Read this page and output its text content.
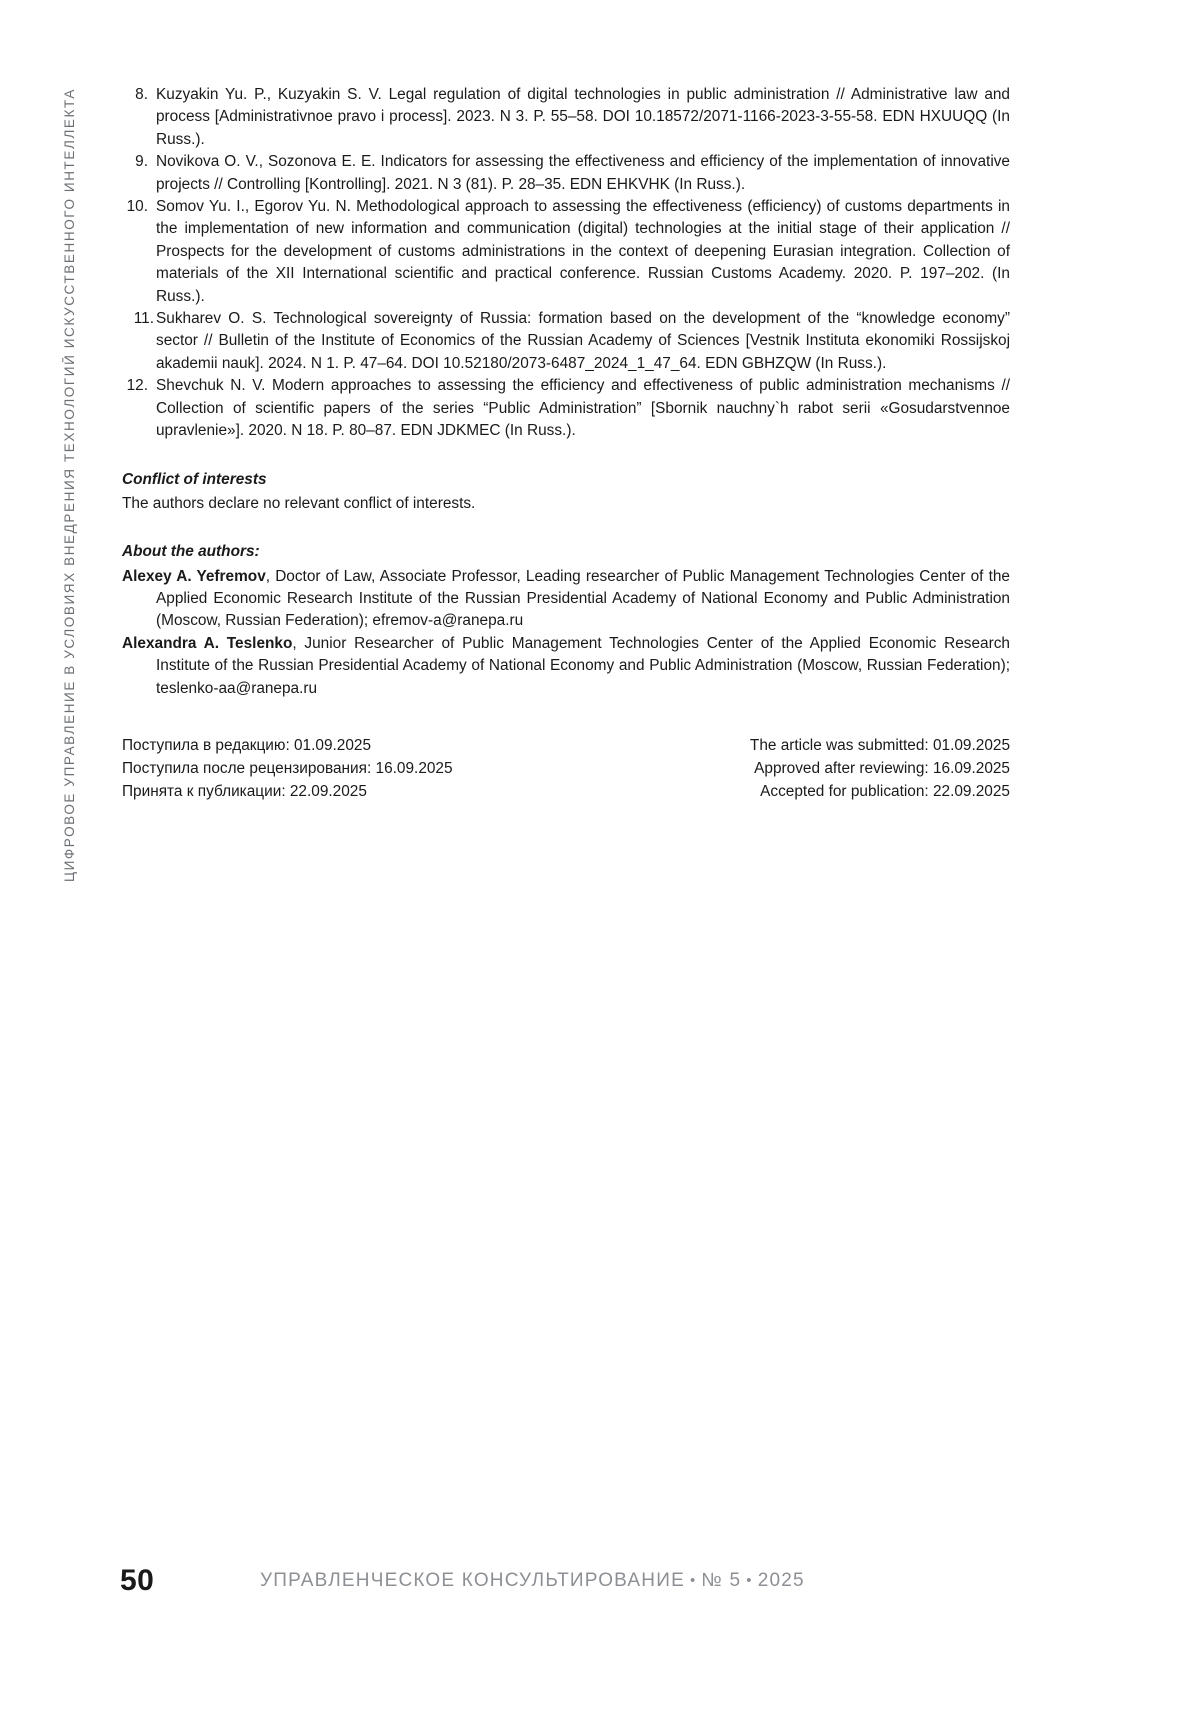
ЦИФРОВОЕ УПРАВЛЕНИЕ В УСЛОВИЯХ ВНЕДРЕНИЯ ТЕХНОЛОГИЙ ИСКУССТВЕННОГО ИНТЕЛЛЕКТА	8. Kuzyakin Yu. P., Kuzyakin S. V. Legal regulation of digital technologies in public administration // Administrative law and process [Administrativnoe pravo i process]. 2023. N 3. P. 55–58. DOI 10.18572/2071-1166-2023-3-55-58. EDN HXUUQQ (In Russ.).
9. Novikova O. V., Sozonova E. E. Indicators for assessing the effectiveness and efficiency of the implementation of innovative projects // Controlling [Kontrolling]. 2021. N 3 (81). P. 28–35. EDN EHKVHK (In Russ.).
10. Somov Yu. I., Egorov Yu. N. Methodological approach to assessing the effectiveness (efficiency) of customs departments in the implementation of new information and communication (digital) technologies at the initial stage of their application // Prospects for the development of customs administrations in the context of deepening Eurasian integration. Collection of materials of the XII International scientific and practical conference. Russian Customs Academy. 2020. P. 197–202. (In Russ.).
11. Sukharev O. S. Technological sovereignty of Russia: formation based on the development of the “knowledge economy” sector // Bulletin of the Institute of Economics of the Russian Academy of Sciences [Vestnik Instituta ekonomiki Rossijskoj akademii nauk]. 2024. N 1. P. 47–64. DOI 10.52180/2073-6487_2024_1_47_64. EDN GBHZQW (In Russ.).
12. Shevchuk N. V. Modern approaches to assessing the efficiency and effectiveness of public administration mechanisms // Collection of scientific papers of the series “Public Administration” [Sbornik nauchny`h rabot serii «Gosudarstvennoe upravlenie»]. 2020. N 18. P. 80–87. EDN JDKMEC (In Russ.).
Conflict of interests
The authors declare no relevant conflict of interests.
About the authors:
Alexey A. Yefremov, Doctor of Law, Associate Professor, Leading researcher of Public Management Technologies Center of the Applied Economic Research Institute of the Russian Presidential Academy of National Economy and Public Administration (Moscow, Russian Federation); efremov-a@ranepa.ru
Alexandra A. Teslenko, Junior Researcher of Public Management Technologies Center of the Applied Economic Research Institute of the Russian Presidential Academy of National Economy and Public Administration (Moscow, Russian Federation); teslenko-aa@ranepa.ru
Поступила в редакцию: 01.09.2025
Поступила после рецензирования: 16.09.2025
Принята к публикации: 22.09.2025
The article was submitted: 01.09.2025
Approved after reviewing: 16.09.2025
Accepted for publication: 22.09.2025
50	УПРАВЛЕНЧЕСКОЕ КОНСУЛЬТИРОВАНИЕ • № 5 • 2025
